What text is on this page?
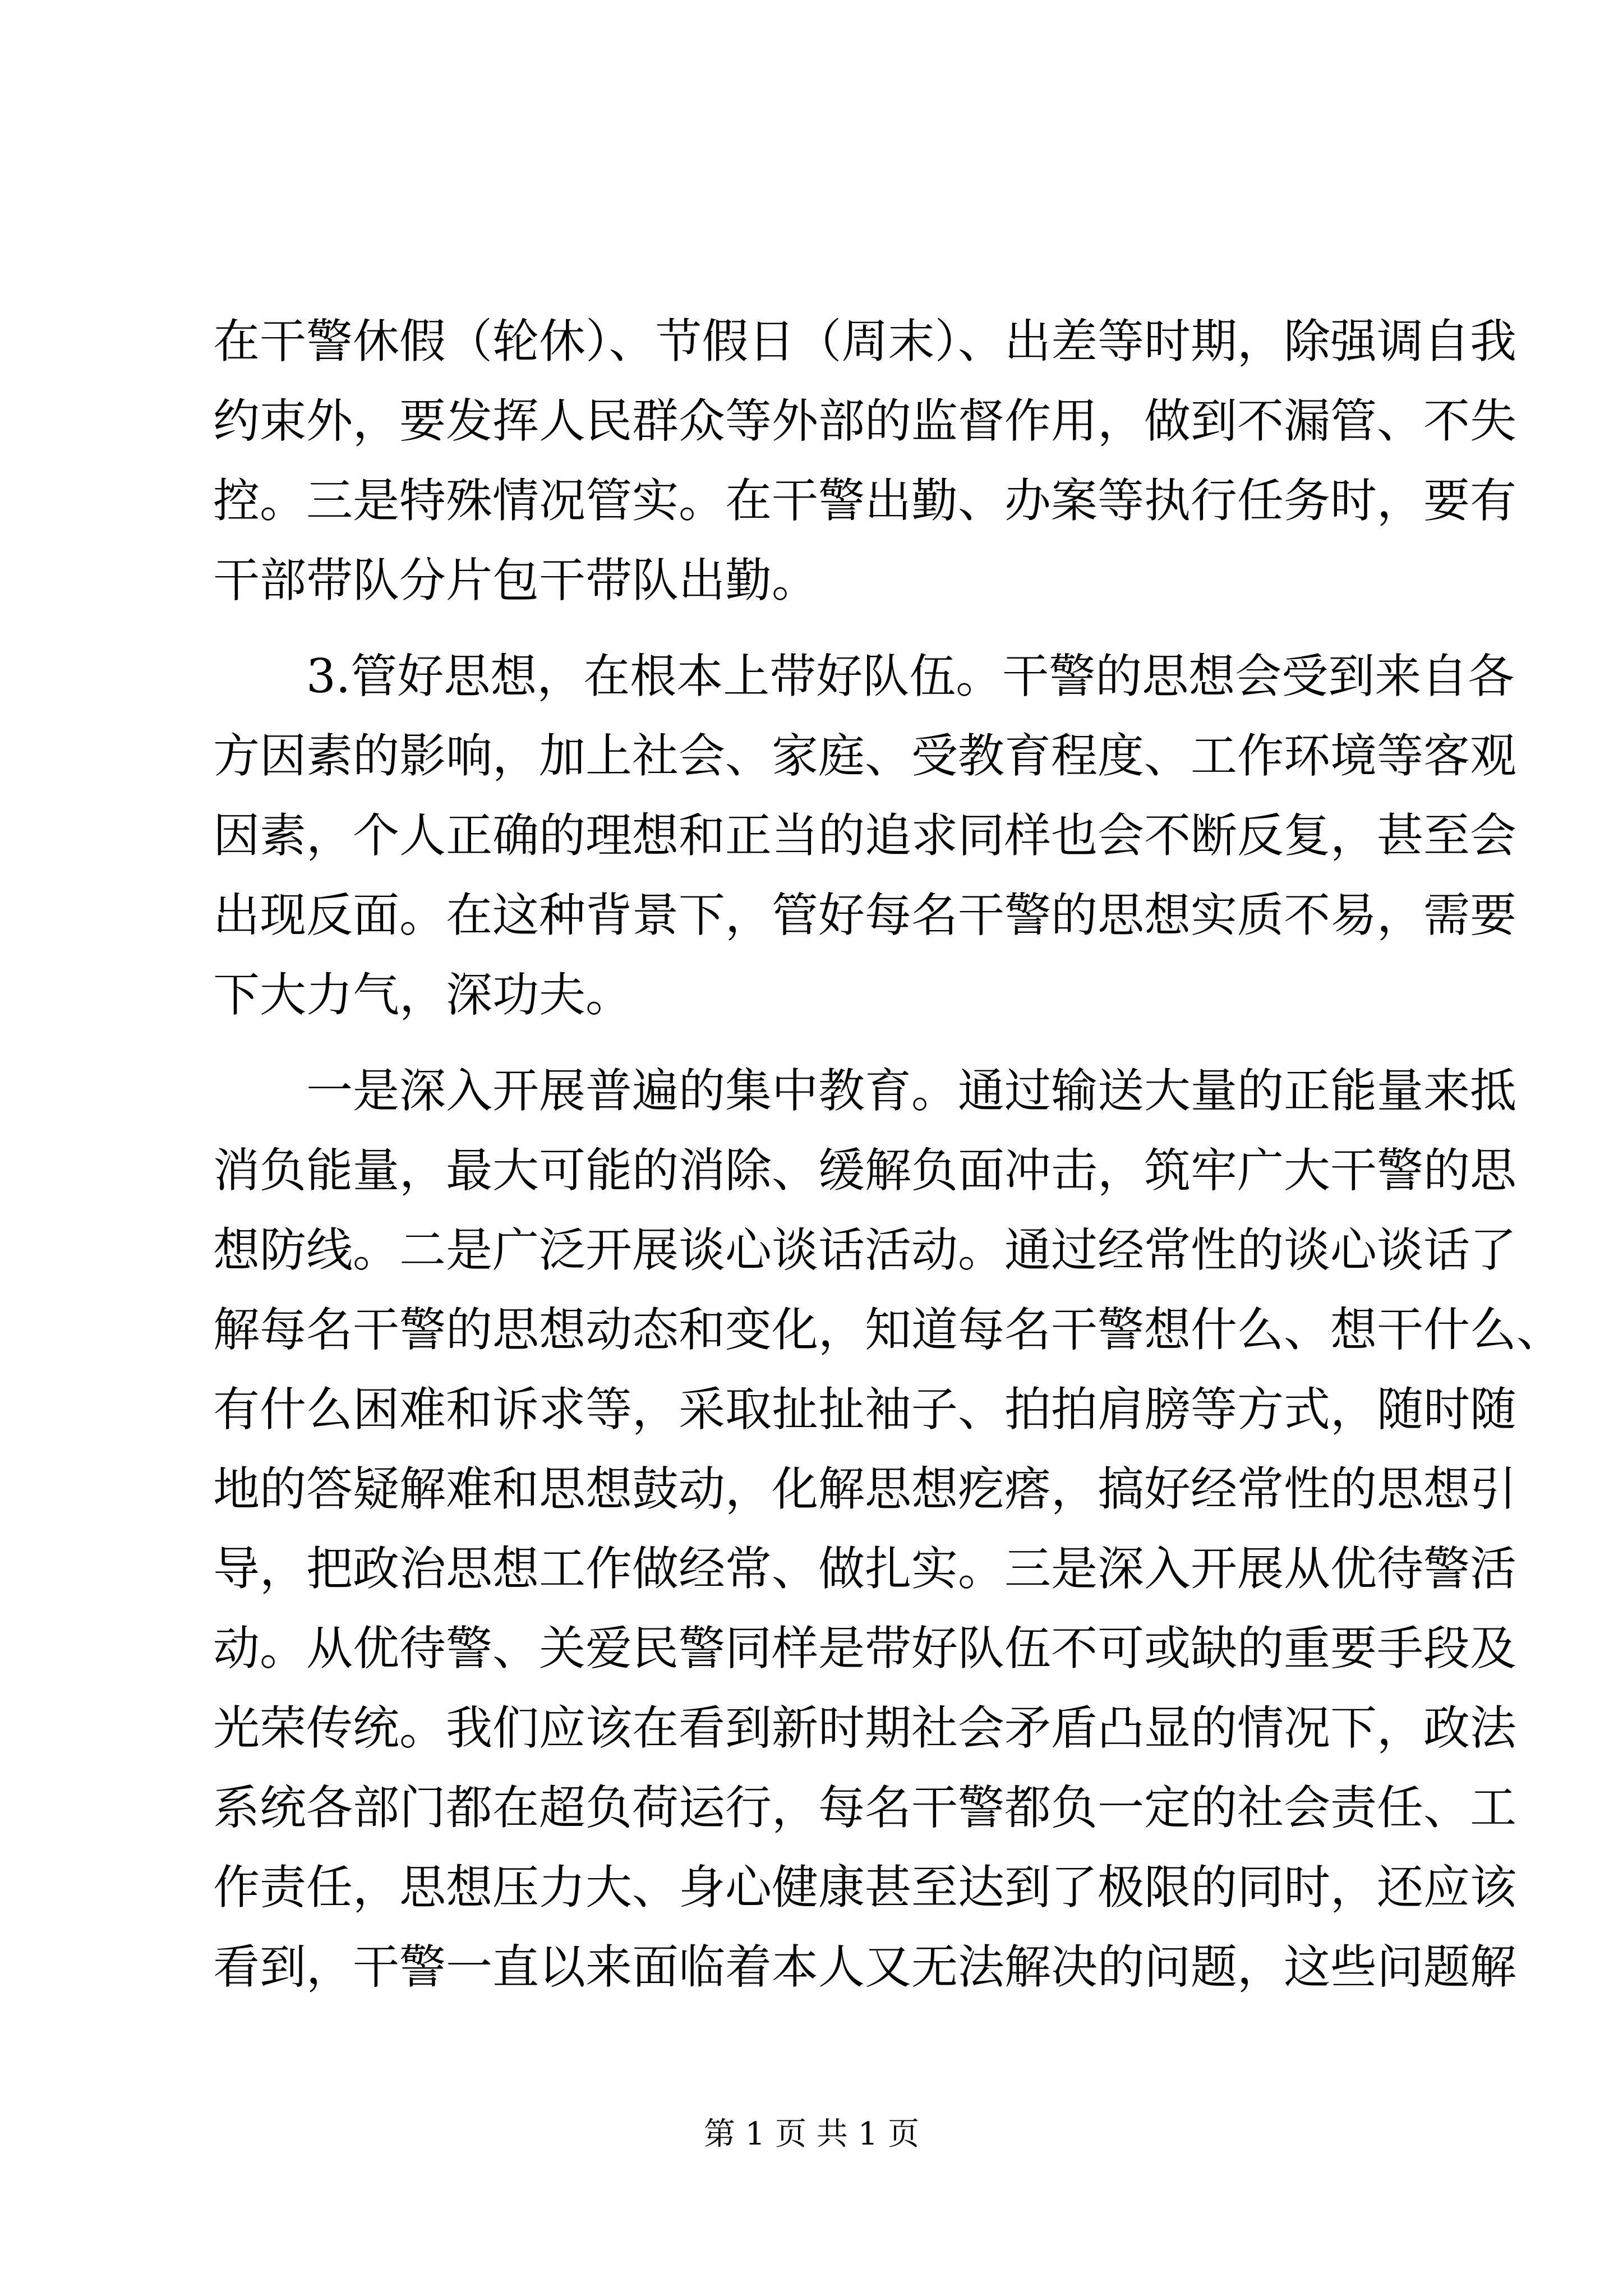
在干警休假（轮休）、节假日（周末）、出差等时期，除强调自我
约束外，要发挥人民群众等外部的监督作用，做到不漏管、不失
控。三是特殊情况管实。在干警出勤、办案等执行任务时，要有
干部带队分片包干带队出勤。
3.管好思想，在根本上带好队伍。干警的思想会受到来自各
方因素的影响，加上社会、家庭、受教育程度、工作环境等客观
因素，个人正确的理想和正当的追求同样也会不断反复，甚至会
出现反面。在这种背景下，管好每名干警的思想实质不易，需要
下大力气，深功夫。
一是深入开展普遍的集中教育。通过输送大量的正能量来抵
消负能量，最大可能的消除、缓解负面冲击，筑牢广大干警的思
想防线。二是广泛开展谈心谈话活动。通过经常性的谈心谈话了
解每名干警的思想动态和变化，知道每名干警想什么、想干什么、
有什么困难和诉求等，采取扯扯袖子、拍拍肩膀等方式，随时随
地的答疑解难和思想鼓动，化解思想疙瘩，搞好经常性的思想引
导，把政治思想工作做经常、做扎实。三是深入开展从优待警活
动。从优待警、关爱民警同样是带好队伍不可或缺的重要手段及
光荣传统。我们应该在看到新时期社会矛盾凸显的情况下，政法
系统各部门都在超负荷运行，每名干警都负一定的社会责任、工
作责任，思想压力大、身心健康甚至达到了极限的同时，还应该
看到，干警一直以来面临着本人又无法解决的问题，这些问题解
第 1 页 共 1 页
